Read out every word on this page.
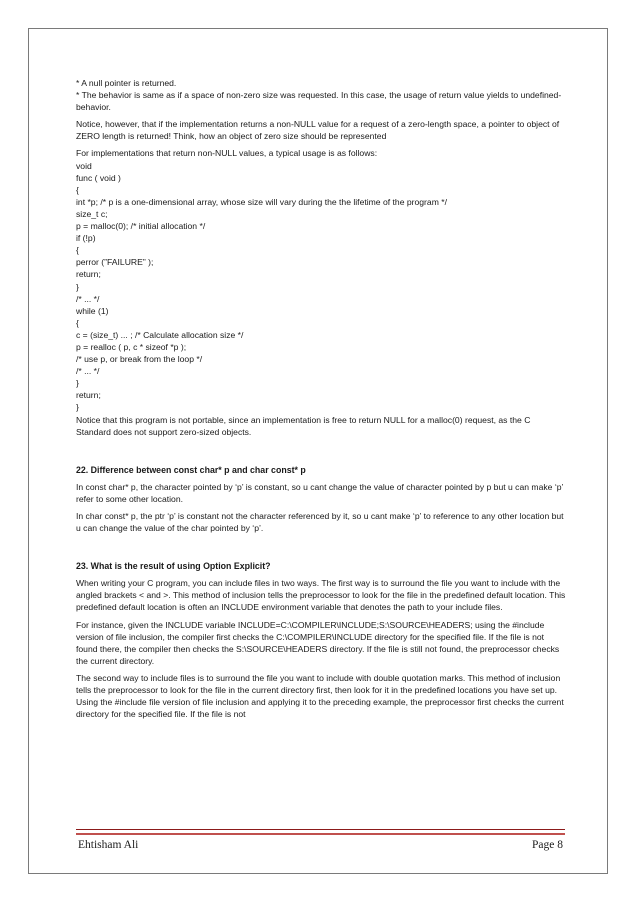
* A null pointer is returned.

* The behavior is same as if a space of non-zero size was requested. In this case, the usage of return value yields to undefined-behavior.

Notice, however, that if the implementation returns a non-NULL value for a request of a zero-length space, a pointer to object of ZERO length is returned! Think, how an object of zero size should be represented

For implementations that return non-NULL values, a typical usage is as follows:

void

func ( void )

{

int *p; /* p is a one-dimensional array, whose size will vary during the the lifetime of the program */

size_t c;

p = malloc(0); /* initial allocation */

if (!p)

{

perror (”FAILURE” );

return;

}

/* ... */

while (1)

{

c = (size_t) ... ; /* Calculate allocation size */

p = realloc ( p, c * sizeof *p );

/* use p, or break from the loop */

/* ... */

}

return;

}

Notice that this program is not portable, since an implementation is free to return NULL for a malloc(0) request, as the C Standard does not support zero-sized objects.

22. Difference between const char* p and char const* p

In const char* p, the character pointed by ‘p’ is constant, so u cant change the value of character pointed by p but u can make ‘p’ refer to some other location.

In char const* p, the ptr ‘p’ is constant not the character referenced by it, so u cant make ‘p’ to reference to any other location but u can change the value of the char pointed by ‘p’.

23. What is the result of using Option Explicit?

When writing your C program, you can include files in two ways. The first way is to surround the file you want to include with the angled brackets < and >. This method of inclusion tells the preprocessor to look for the file in the predefined default location. This predefined default location is often an INCLUDE environment variable that denotes the path to your include files.

For instance, given the INCLUDE variable INCLUDE=C:\COMPILER\INCLUDE;S:\SOURCE\HEADERS; using the #include version of file inclusion, the compiler first checks the C:\COMPILER\INCLUDE directory for the specified file. If the file is not found there, the compiler then checks the S:\SOURCE\HEADERS directory. If the file is still not found, the preprocessor checks the current directory.

The second way to include files is to surround the file you want to include with double quotation marks. This method of inclusion tells the preprocessor to look for the file in the current directory first, then look for it in the predefined locations you have set up. Using the #include file version of file inclusion and applying it to the preceding example, the preprocessor first checks the current directory for the specified file. If the file is not

Ehtisham Ali	Page 8
